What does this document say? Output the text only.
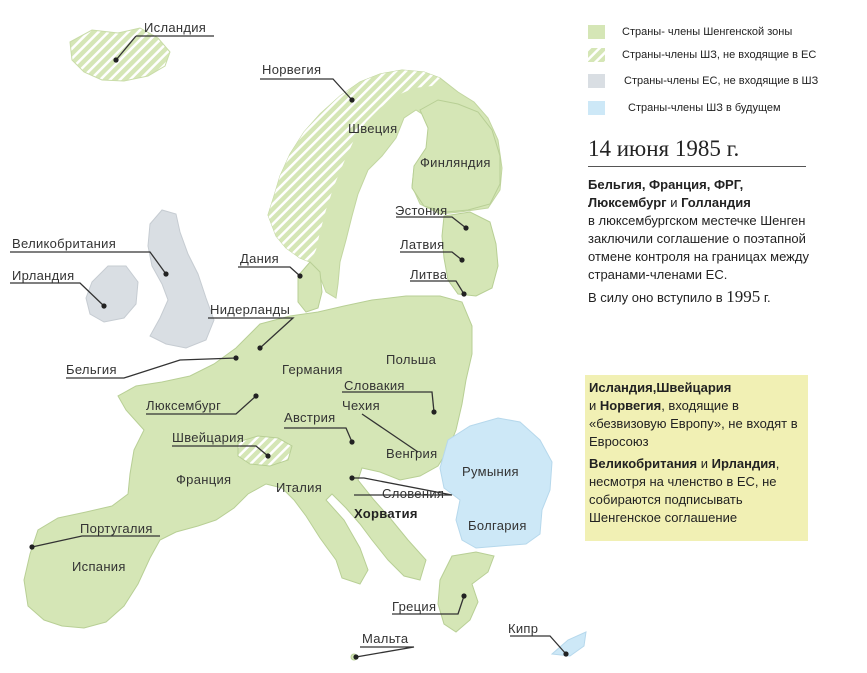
Исландия
Норвегия
Швеция
Финляндия
Эстония
Латвия
Литва
Великобритания
Ирландия
Дания
Нидерланды
Бельгия
Люксембург
Германия
Польша
Словакия
Чехия
Австрия
Швейцария
Венгрия
Румыния
Франция
Италия	Словения
Хорватия
Болгария
Португалия
Испания
Греция
Мальта
Кипр
Страны- члены Шенгенской зоны
Страны-члены ШЗ, не входящие в ЕС
Страны-члены ЕС, не входящие в ШЗ
Страны-члены ШЗ в будущем
14 июня 1985 г.

Бельгия, Франция, ФРГ,
Люксембург и Голландия

в люксембургском местечке Шенген заключили соглашение о поэтапной отмене контроля на границах между странами-членами ЕС.

В силу оно вступило в 1995 г.

Исландия,Швейцария
и Норвегия, входящие в «безвизовую Европу», не входят в Евросоюз

Великобритания и Ирландия, несмотря на членство в ЕС, не собираются подписывать Шенгенское соглашение
